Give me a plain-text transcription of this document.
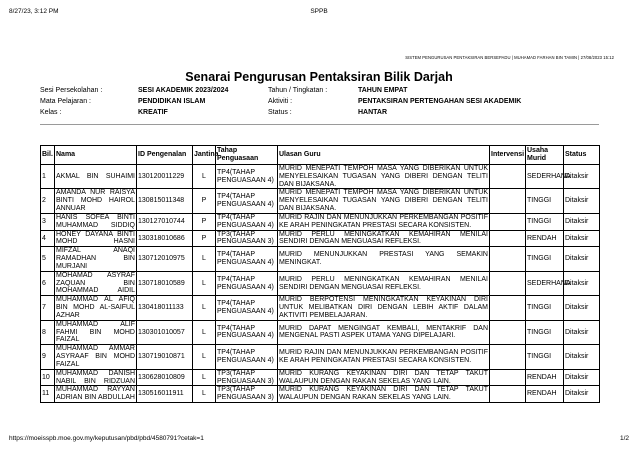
8/27/23, 3:12 PM	SPPB
SISTEM PENGURUSAN PENTAKSIRAN BERSEPADU | MUHAMAD FARHAN BIN TAMIN | 27/08/2023 15:12
Senarai Pengurusan Pentaksiran Bilik Darjah
Sesi Persekolahan :	SESI AKADEMIK 2023/2024	Tahun / Tingkatan :	TAHUN EMPAT
Mata Pelajaran :	PENDIDIKAN ISLAM	Aktiviti :	PENTAKSIRAN PERTENGAHAN SESI AKADEMIK
Kelas :	KREATIF	Status :	HANTAR
Bil.	Nama	ID Pengenalan	Jantina	Tahap Penguasaan	Ulasan Guru	Intervensi	Usaha Murid	Status
1	AKMAL BIN SUHAIMI	130120011229	L	TP4(TAHAP PENGUASAAN 4)	MURID MENEPATI TEMPOH MASA YANG DIBERIKAN UNTUK MENYELESAIKAN TUGASAN YANG DIBERI DENGAN TELITI DAN BIJAKSANA.		SEDERHANA	Ditaksir
2	AMANDA NUR RAISYA BINTI MOHD HAIROL ANNUAR	130815011348	P	TP4(TAHAP PENGUASAAN 4)	MURID MENEPATI TEMPOH MASA YANG DIBERIKAN UNTUK MENYELESAIKAN TUGASAN YANG DIBERI DENGAN TELITI DAN BIJAKSANA.		TINGGI	Ditaksir
3	HANIS SOFEA BINTI MUHAMMAD SIDDIQ	130127010744	P	TP4(TAHAP PENGUASAAN 4)	MURID RAJIN DAN MENUNJUKKAN PERKEMBANGAN POSITIF KE ARAH PENINGKATAN PRESTASI SECARA KONSISTEN.		TINGGI	Ditaksir
4	HONEY DAYANA BINTI MOHD HASNI	130318010686	P	TP3(TAHAP PENGUASAAN 3)	MURID PERLU MENINGKATKAN KEMAHIRAN MENILAI SENDIRI DENGAN MENGUASAI REFLEKSI.		RENDAH	Ditaksir
5	MIFZAL ANAQI RAMADHAN BIN MURJANI	130712010975	L	TP4(TAHAP PENGUASAAN 4)	MURID MENUNJUKKAN PRESTASI YANG SEMAKIN MENINGKAT.		TINGGI	Ditaksir
6	MOHAMAD ASYRAF ZAQUAN BIN MOHAMMAD AIDIL	130718010589	L	TP4(TAHAP PENGUASAAN 4)	MURID PERLU MENINGKATKAN KEMAHIRAN MENILAI SENDIRI DENGAN MENGUASAI REFLEKSI.		SEDERHANA	Ditaksir
7	MUHAMMAD AL AFIQ BIN MOHD AL-SAIFUL AZHAR	130418011133	L	TP4(TAHAP PENGUASAAN 4)	MURID BERPOTENSI MENINGKATKAN KEYAKINAN DIRI UNTUK MELIBATKAN DIRI DENGAN LEBIH AKTIF DALAM AKTIVITI PEMBELAJARAN.		TINGGI	Ditaksir
8	MUHAMMAD ALIF FAHMI BIN MOHD FAIZAL	130301010057	L	TP4(TAHAP PENGUASAAN 4)	MURID DAPAT MENGINGAT KEMBALI, MENTAKRIF DAN MENGENAL PASTI ASPEK UTAMA YANG DIPELAJARI.		TINGGI	Ditaksir
9	MUHAMMAD AMMAR ASYRAAF BIN MOHD FAIZAL	130719010871	L	TP4(TAHAP PENGUASAAN 4)	MURID RAJIN DAN MENUNJUKKAN PERKEMBANGAN POSITIF KE ARAH PENINGKATAN PRESTASI SECARA KONSISTEN.		TINGGI	Ditaksir
10	MUHAMMAD DANISH NABIL BIN RIDZUAN	130628010809	L	TP3(TAHAP PENGUASAAN 3)	MURID KURANG KEYAKINAN DIRI DAN TETAP TAKUT WALAUPUN DENGAN RAKAN SEKELAS YANG LAIN.		RENDAH	Ditaksir
11	MUHAMMAD RAYYAN ADRIAN BIN ABDULLAH	130516011911	L	TP3(TAHAP PENGUASAAN 3)	MURID KURANG KEYAKINAN DIRI DAN TETAP TAKUT WALAUPUN DENGAN RAKAN SEKELAS YANG LAIN.		RENDAH	Ditaksir
https://moeisspb.moe.gov.my/keputusan/pbd/pbd/4580791?cetak=1	1/2
